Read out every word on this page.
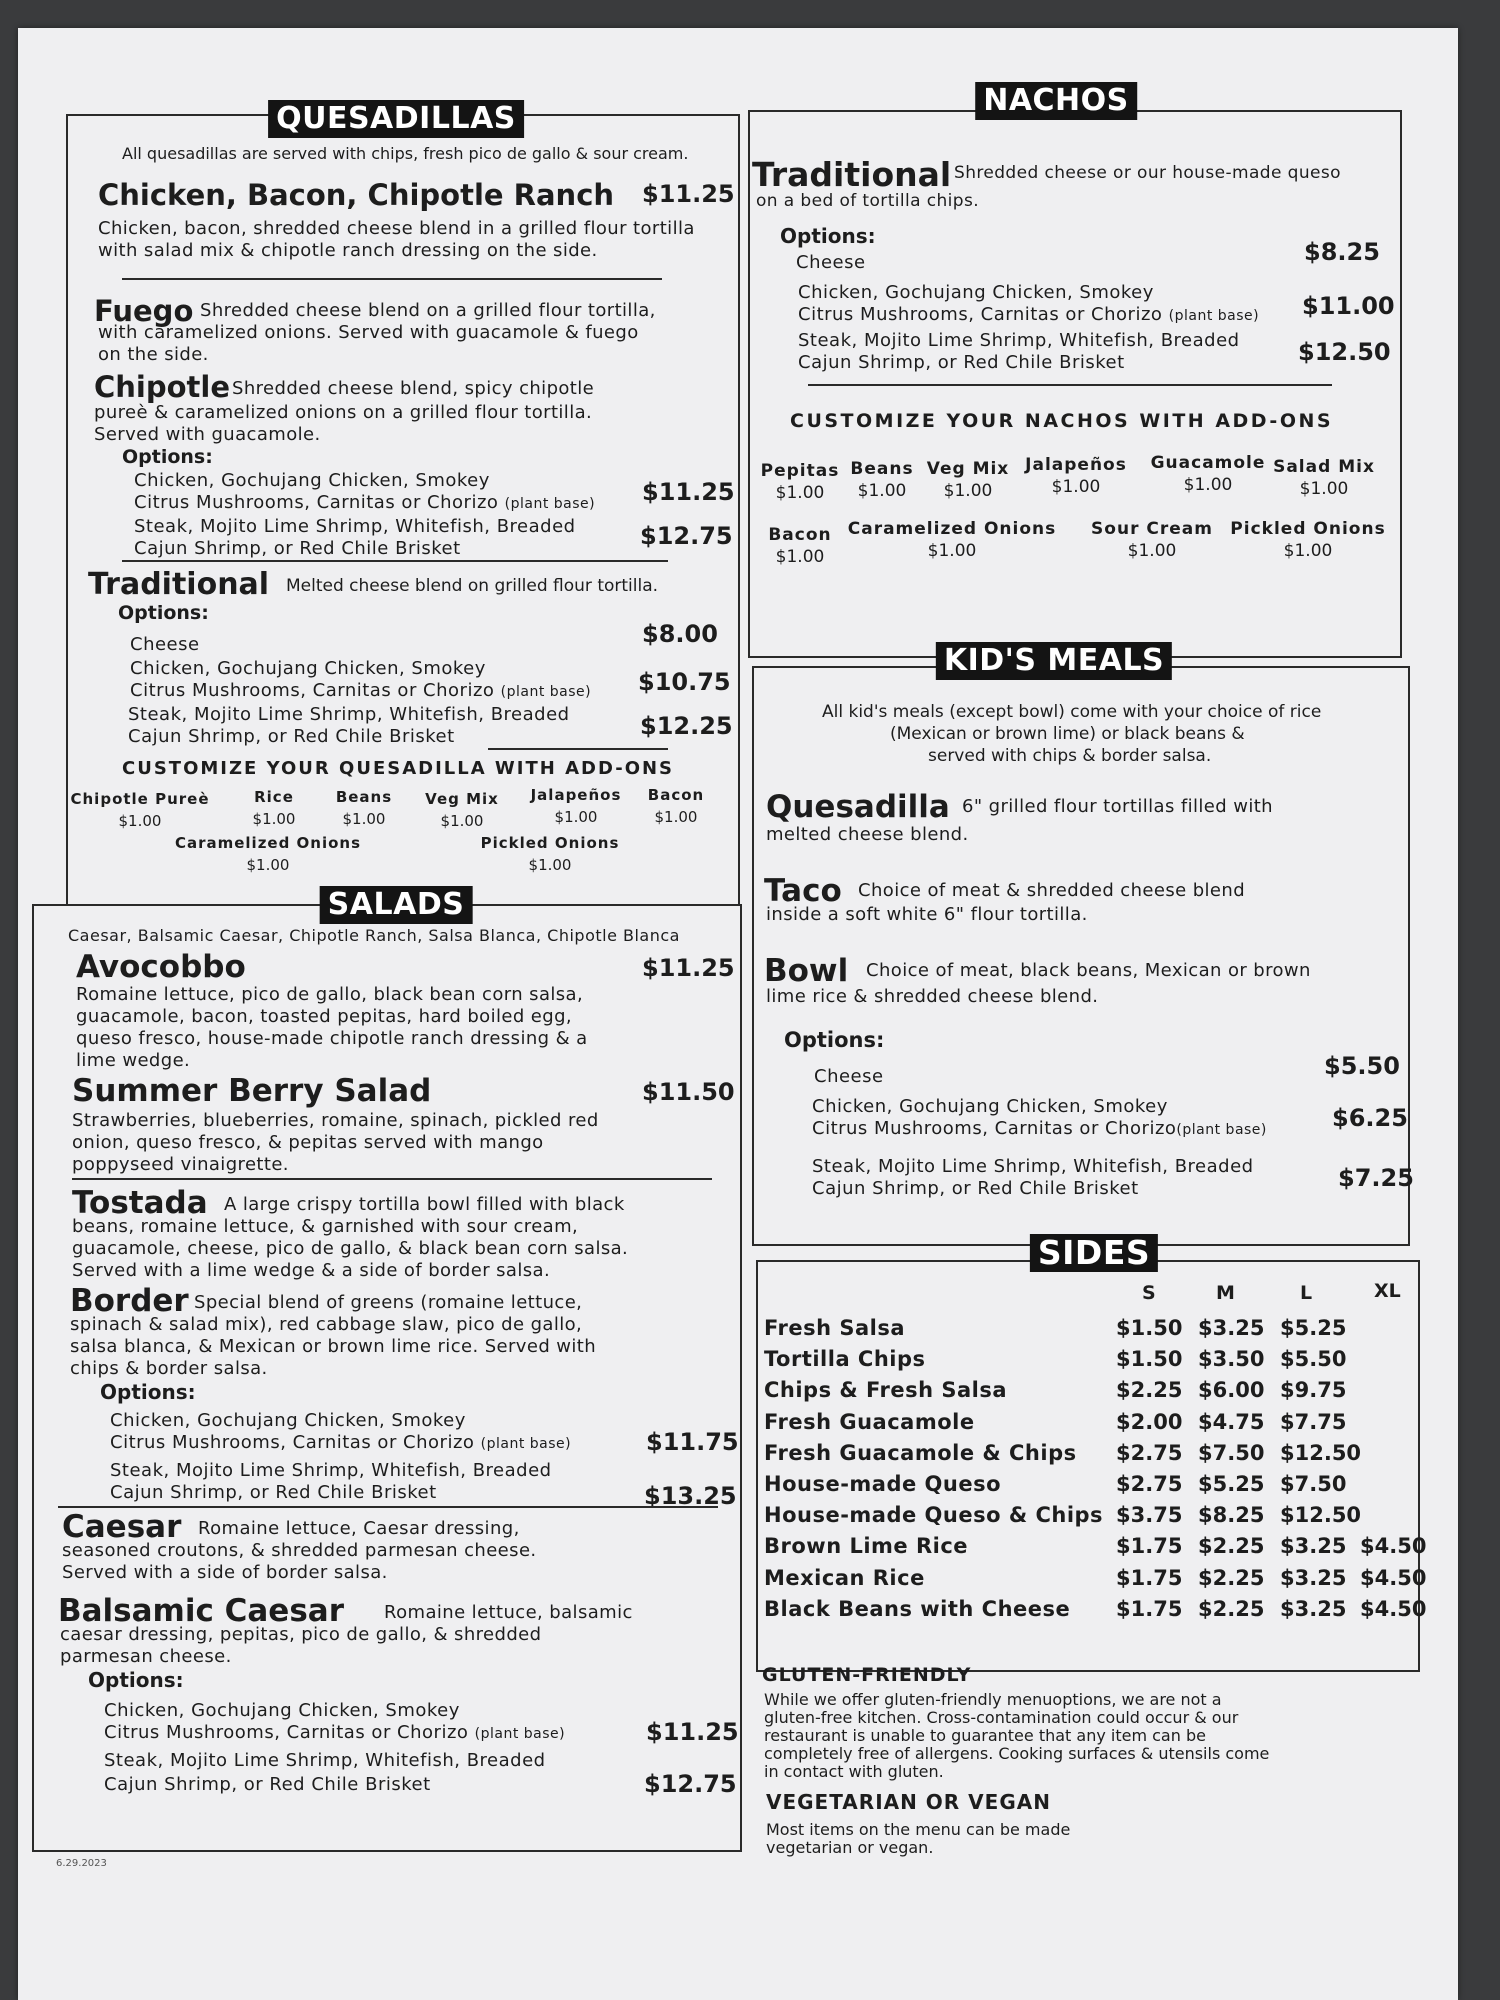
QUESADILLAS
All quesadillas are served with chips, fresh pico de gallo & sour cream.
Chicken, Bacon, Chipotle Ranch $11.25
Chicken, bacon, shredded cheese blend in a grilled flour tortilla with salad mix & chipotle ranch dressing on the side.
Fuego Shredded cheese blend on a grilled flour tortilla,
with caramelized onions. Served with guacamole & fuego
on the side.
Chipotle Shredded cheese blend, spicy chipotle
pureè & caramelized onions on a grilled flour tortilla.
Served with guacamole.
Options:
Chicken, Gochujang Chicken, Smokey
Citrus Mushrooms, Carnitas or Chorizo (plant base) $11.25
Steak, Mojito Lime Shrimp, Whitefish, Breaded
Cajun Shrimp, or Red Chile Brisket	$12.75
Traditional Melted cheese blend on grilled flour tortilla.
Options:
Cheese	$8.00
Chicken, Gochujang Chicken, Smokey
Citrus Mushrooms, Carnitas or Chorizo (plant base) $10.75
Steak, Mojito Lime Shrimp, Whitefish, Breaded
Cajun Shrimp, or Red Chile Brisket	$12.25
CUSTOMIZE YOUR QUESADILLA WITH ADD-ONS
Chipotle Pureè
$1.00
Rice
$1.00
Beans
$1.00
Veg Mix
$1.00
Jalapeños
$1.00
Bacon
$1.00
Caramelized Onions
$1.00
Pickled Onions
$1.00
SALADS
Caesar, Balsamic Caesar, Chipotle Ranch, Salsa Blanca, Chipotle Blanca
Avocobbo	$11.25
Romaine lettuce, pico de gallo, black bean corn salsa,
guacamole, bacon, toasted pepitas, hard boiled egg,
queso fresco, house-made chipotle ranch dressing & a
lime wedge.
Summer Berry Salad	$11.50
Strawberries, blueberries, romaine, spinach, pickled red
onion, queso fresco, & pepitas served with mango
poppyseed vinaigrette.
Tostada A large crispy tortilla bowl filled with black
beans, romaine lettuce, & garnished with sour cream,
guacamole, cheese, pico de gallo, & black bean corn salsa.
Served with a lime wedge & a side of border salsa.
Border Special blend of greens (romaine lettuce,
spinach & salad mix), red cabbage slaw, pico de gallo,
salsa blanca, & Mexican or brown lime rice. Served with
chips & border salsa.
Options:
Chicken, Gochujang Chicken, Smokey
Citrus Mushrooms, Carnitas or Chorizo (plant base)	$11.75
Steak, Mojito Lime Shrimp, Whitefish, Breaded
Cajun Shrimp, or Red Chile Brisket	$13.25
Caesar Romaine lettuce, Caesar dressing,
seasoned croutons, & shredded parmesan cheese.
Served with a side of border salsa.
Balsamic Caesar Romaine lettuce, balsamic
caesar dressing, pepitas, pico de gallo, & shredded
parmesan cheese.
Options:
Chicken, Gochujang Chicken, Smokey
Citrus Mushrooms, Carnitas or Chorizo (plant base)	$11.25
Steak, Mojito Lime Shrimp, Whitefish, Breaded
Cajun Shrimp, or Red Chile Brisket	$12.75
6.29.2023
NACHOS
Traditional Shredded cheese or our house-made queso
on a bed of tortilla chips.
Options:
Cheese	$8.25
Chicken, Gochujang Chicken, Smokey
Citrus Mushrooms, Carnitas or Chorizo (plant base) $11.00
Steak, Mojito Lime Shrimp, Whitefish, Breaded
Cajun Shrimp, or Red Chile Brisket	$12.50
CUSTOMIZE YOUR NACHOS WITH ADD-ONS
Pepitas
$1.00
Beans
$1.00
Veg Mix
$1.00
Jalapeños
$1.00
Guacamole
$1.00
Salad Mix
$1.00
Bacon
$1.00
Caramelized Onions
$1.00
Sour Cream
$1.00
Pickled Onions
$1.00
KID'S MEALS
All kid's meals (except bowl) come with your choice of rice
(Mexican or brown lime) or black beans &
served with chips & border salsa.
Quesadilla 6" grilled flour tortillas filled with
melted cheese blend.
Taco Choice of meat & shredded cheese blend
inside a soft white 6" flour tortilla.
Bowl Choice of meat, black beans, Mexican or brown
lime rice & shredded cheese blend.
Options:
Cheese	$5.50
Chicken, Gochujang Chicken, Smokey
Citrus Mushrooms, Carnitas or Chorizo(plant base)	$6.25
Steak, Mojito Lime Shrimp, Whitefish, Breaded
Cajun Shrimp, or Red Chile Brisket	$7.25
SIDES
S	M	L	XL
GLUTEN-FRIENDLY
While we offer gluten-friendly menuoptions, we are not a
gluten-free kitchen. Cross-contamination could occur & our
restaurant is unable to guarantee that any item can be
completely free of allergens. Cooking surfaces & utensils come
in contact with gluten.
VEGETARIAN OR VEGAN
Most items on the menu can be made
vegetarian or vegan.
Fresh Salsa	$1.50 $3.25 $5.25
Tortilla Chips	$1.50 $3.50 $5.50
Chips & Fresh Salsa	$2.25 $6.00 $9.75
Fresh Guacamole	$2.00 $4.75 $7.75
Fresh Guacamole & Chips $2.75 $7.50 $12.50
House-made Queso	$2.75 $5.25 $7.50
House-made Queso & Chips $3.75 $8.25 $12.50
Brown Lime Rice	$1.75 $2.25 $3.25 $4.50
Mexican Rice	$1.75 $2.25 $3.25 $4.50
Black Beans with Cheese $1.75 $2.25 $3.25 $4.50
